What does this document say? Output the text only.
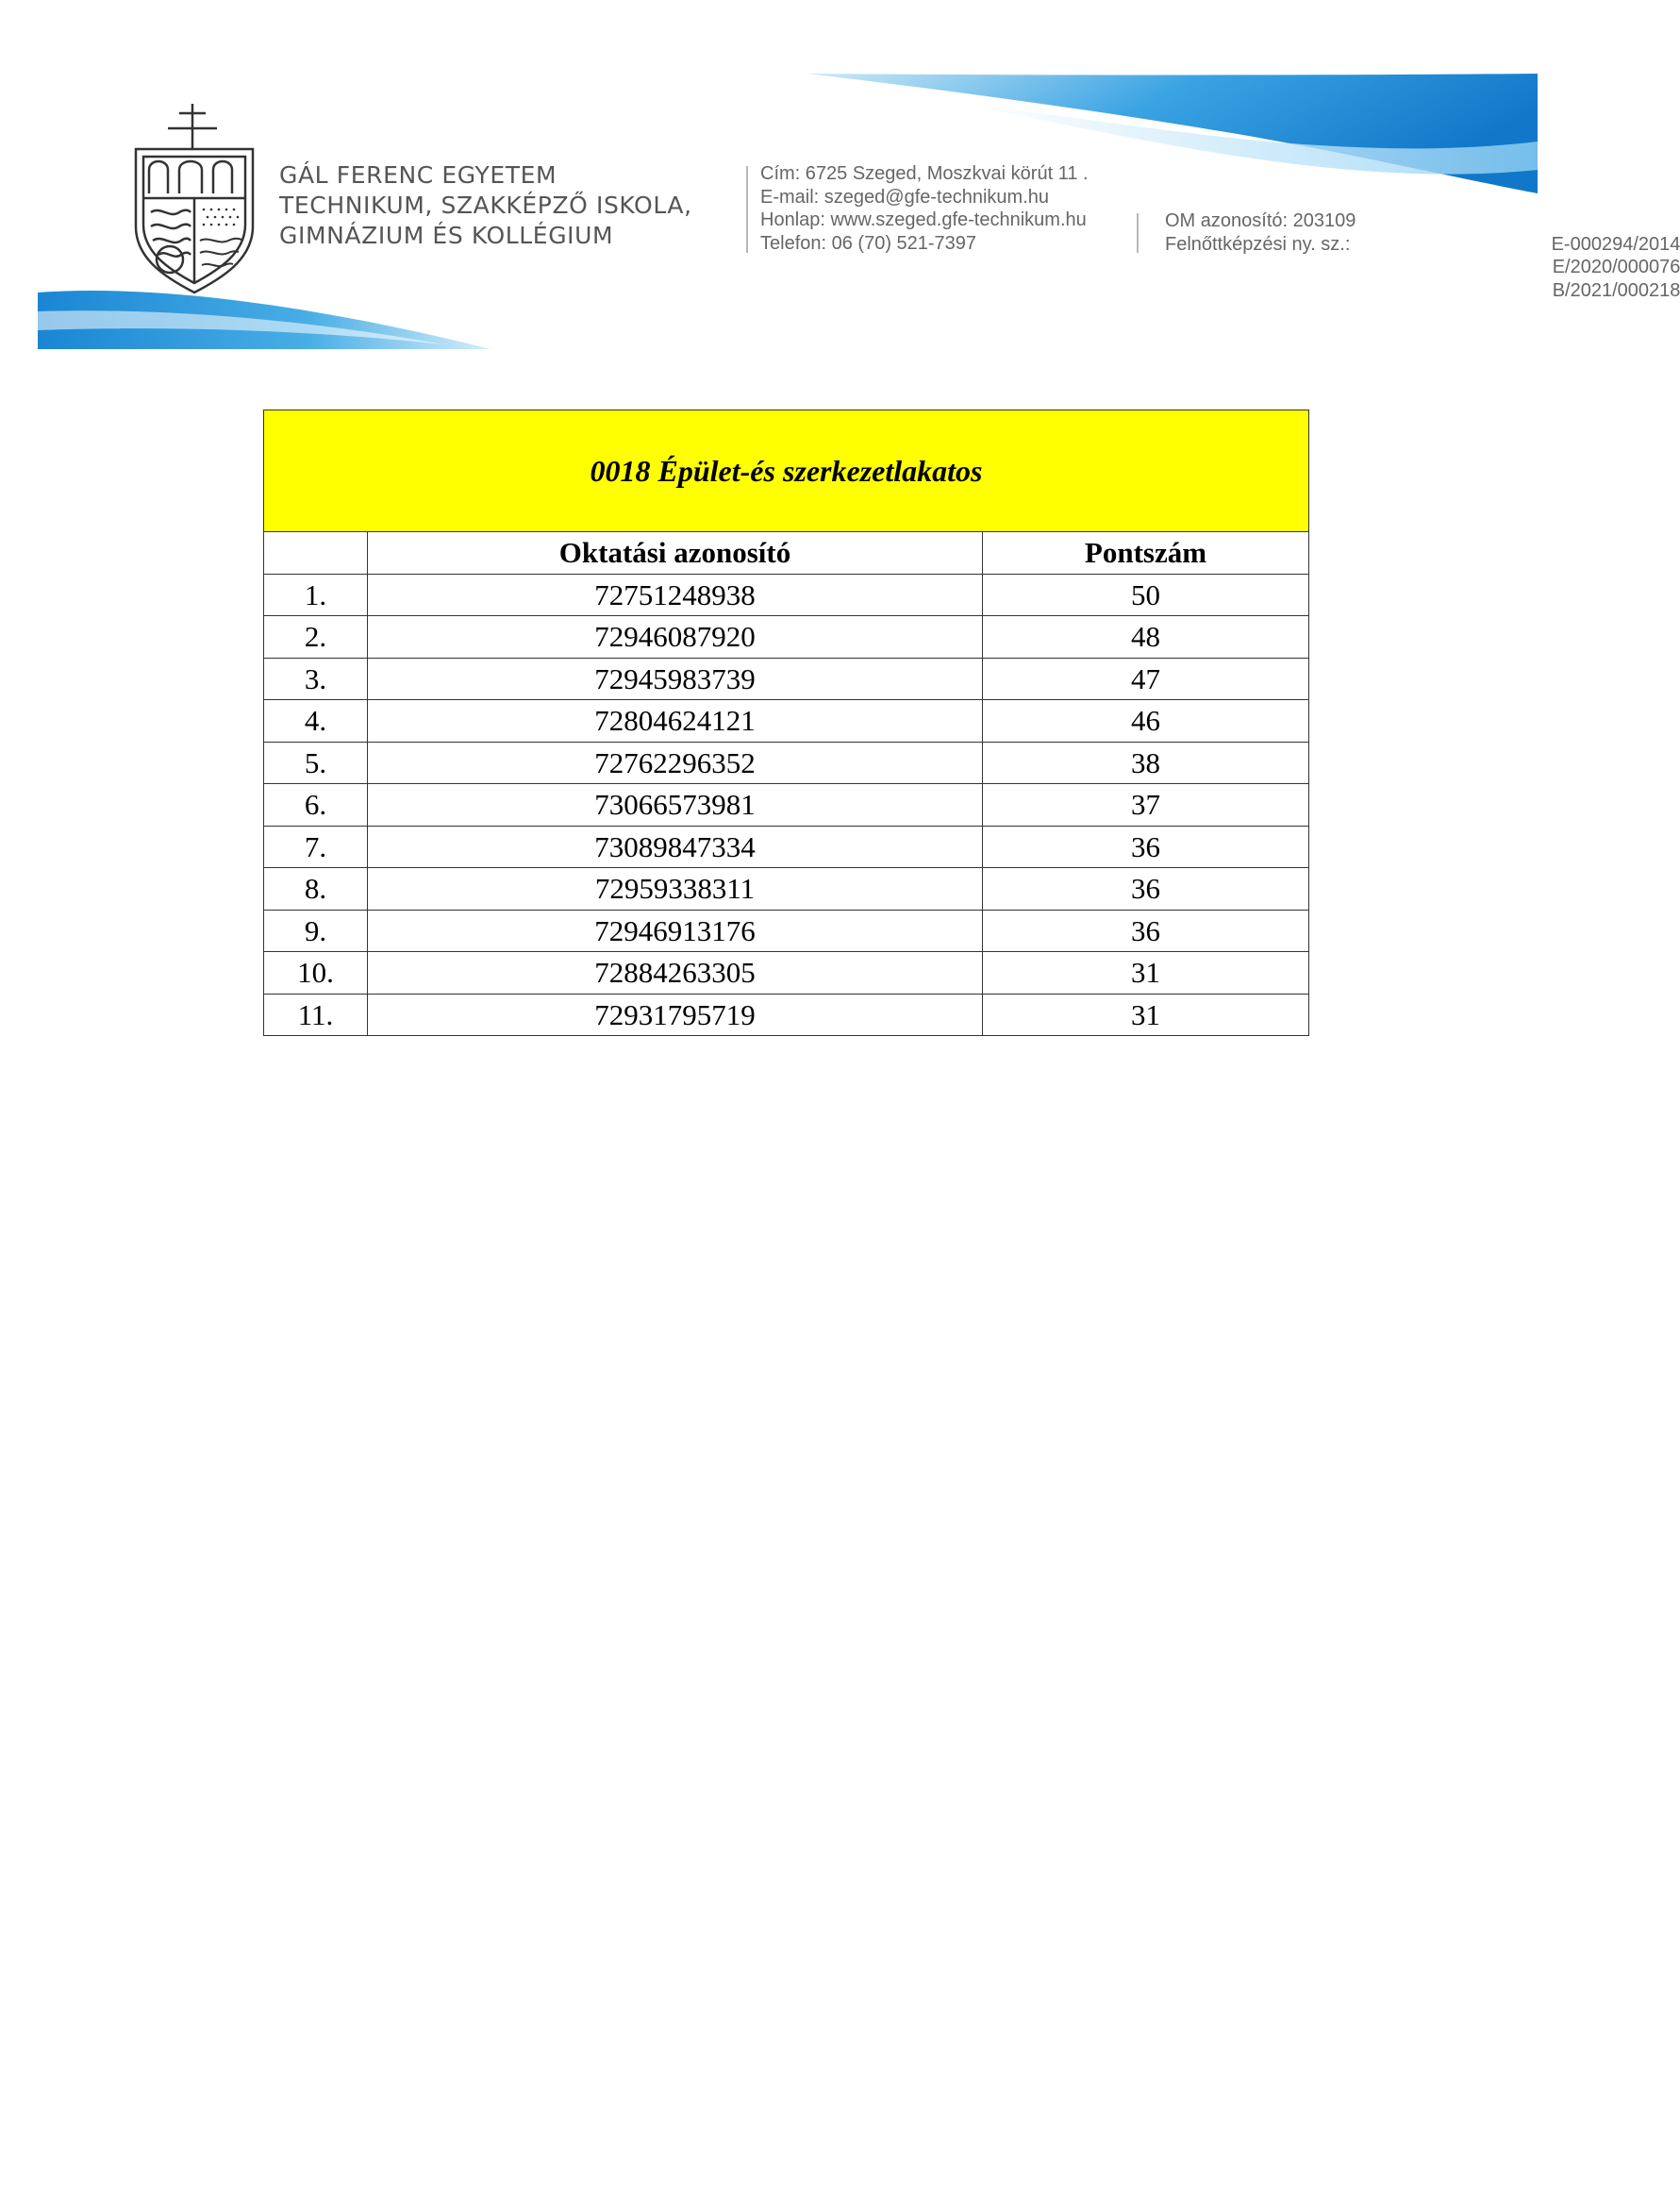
GÁL FERENC EGYETEM
TECHNIKUM, SZAKKÉPZŐ ISKOLA,
GIMNÁZIUM ÉS KOLLÉGIUM
Cím: 6725 Szeged, Moszkvai körút 11 .
E-mail: szeged@gfe-technikum.hu
Honlap: www.szeged.gfe-technikum.hu
Telefon: 06 (70) 521-7397
OM azonosító: 203109
Felnőttképzési ny. sz.:	E-000294/2014
E/2020/000076
B/2021/000218
0018 Épület-és szerkezetlakatos		
	Oktatási azonosító	Pontszám
1.	72751248938	50
2.	72946087920	48
3.	72945983739	47
4.	72804624121	46
5.	72762296352	38
6.	73066573981	37
7.	73089847334	36
8.	72959338311	36
9.	72946913176	36
10.	72884263305	31
11.	72931795719	31
